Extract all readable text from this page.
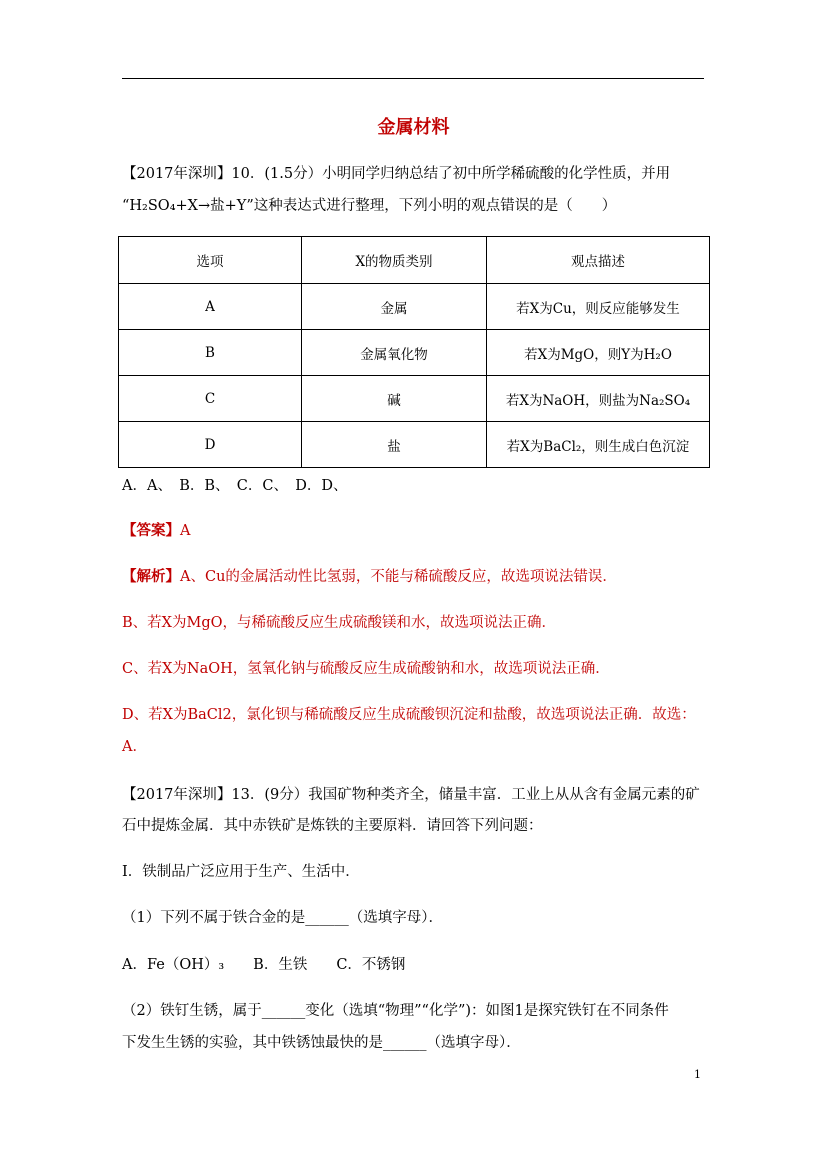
金属材料
【2017年深圳】10．(1.5分）小明同学归纳总结了初中所学稀硫酸的化学性质，并用
“H₂SO₄+X→盐+Y”这种表达式进行整理，下列小明的观点错误的是（　　）
选项	X的物质类别	观点描述
A	金属	若X为Cu，则反应能够发生
B	金属氧化物	若X为MgO，则Y为H₂O
C	碱	若X为NaOH，则盐为Na₂SO₄
D	盐	若X为BaCl₂，则生成白色沉淀
A．A、　B．B、　C．C、　D．D、
【答案】A
【解析】A、Cu的金属活动性比氢弱，不能与稀硫酸反应，故选项说法错误．
B、若X为MgO，与稀硫酸反应生成硫酸镁和水，故选项说法正确．
C、若X为NaOH，氢氧化钠与硫酸反应生成硫酸钠和水，故选项说法正确．
D、若X为BaCl2，氯化钡与稀硫酸反应生成硫酸钡沉淀和盐酸，故选项说法正确．故选：
A．
【2017年深圳】13．(9分）我国矿物种类齐全，储量丰富．工业上从从含有金属元素的矿
石中提炼金属．其中赤铁矿是炼铁的主要原料．请回答下列问题：
I．铁制品广泛应用于生产、生活中．
（1）下列不属于铁合金的是______（选填字母）．
A．Fe（OH）₃　　B．生铁　　C．不锈钢
（2）铁钉生锈，属于______变化（选填“物理”“化学”)：如图1是探究铁钉在不同条件
下发生生锈的实验，其中铁锈蚀最快的是______（选填字母）．
1
